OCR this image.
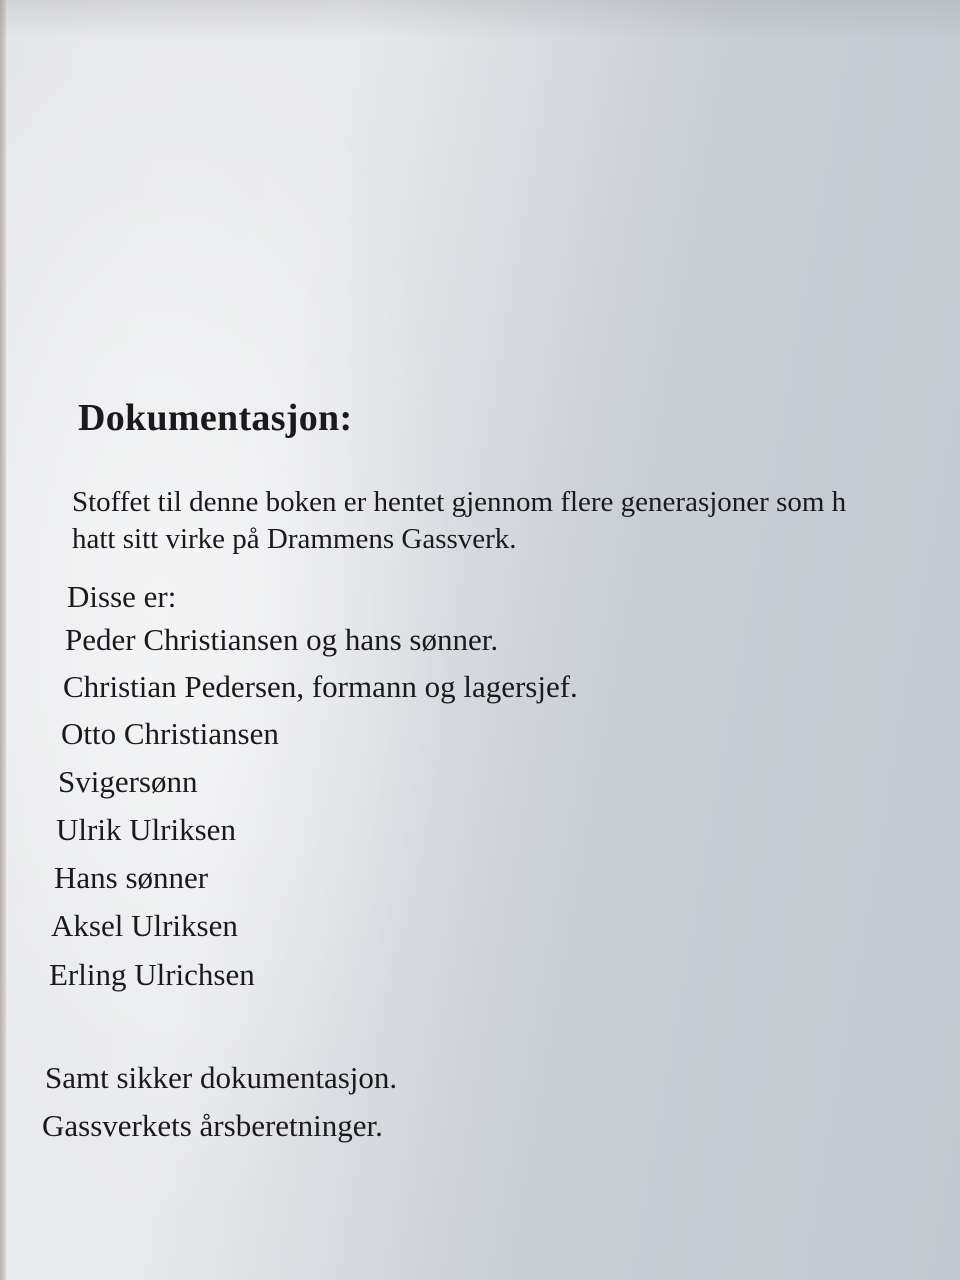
Dokumentasjon:
Stoffet til denne boken er hentet gjennom flere generasjoner som h
hatt sitt virke på Drammens Gassverk.
Disse er:
Peder Christiansen og hans sønner.
Christian Pedersen, formann og lagersjef.
Otto Christiansen
Svigersønn
Ulrik Ulriksen
Hans sønner
Aksel Ulriksen
Erling Ulrichsen
Samt sikker dokumentasjon.
Gassverkets årsberetninger.
